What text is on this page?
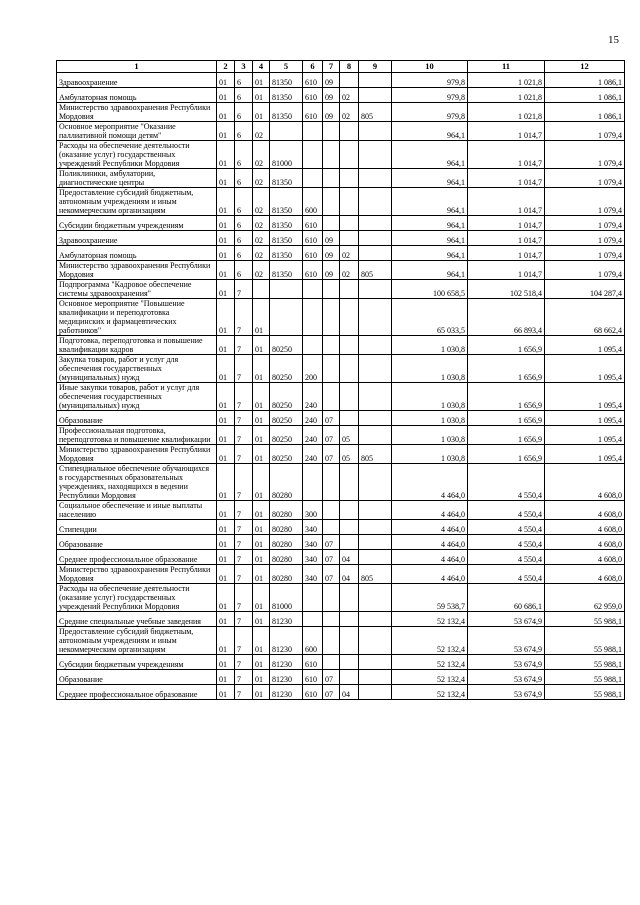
15
1	2	3	4	5	6	7	8	9	10	11	12
Здравоохранение	01	6	01	81350	610	09			979,8	1 021,8	1 086,1
Амбулаторная помощь	01	6	01	81350	610	09	02		979,8	1 021,8	1 086,1
Министерство здравоохранения Республики Мордовия	01	6	01	81350	610	09	02	805	979,8	1 021,8	1 086,1
Основное мероприятие "Оказание паллиативной помощи детям"	01	6	02						964,1	1 014,7	1 079,4
Расходы на обеспечение деятельности (оказание услуг) государственных учреждений Республики Мордовия	01	6	02	81000					964,1	1 014,7	1 079,4
Поликлиники, амбулатории, диагностические центры	01	6	02	81350					964,1	1 014,7	1 079,4
Предоставление субсидий бюджетным, автономным учреждениям и иным некоммерческим организациям	01	6	02	81350	600				964,1	1 014,7	1 079,4
Субсидии бюджетным учреждениям	01	6	02	81350	610				964,1	1 014,7	1 079,4
Здравоохранение	01	6	02	81350	610	09			964,1	1 014,7	1 079,4
Амбулаторная помощь	01	6	02	81350	610	09	02		964,1	1 014,7	1 079,4
Министерство здравоохранения Республики Мордовия	01	6	02	81350	610	09	02	805	964,1	1 014,7	1 079,4
Подпрограмма "Кадровое обеспечение системы здравоохранения"	01	7							100 658,5	102 518,4	104 287,4
Основное мероприятие "Повышение квалификации и переподготовка медицинских и фармацевтических работников"	01	7	01						65 033,5	66 893,4	68 662,4
Подготовка, переподготовка и повышение квалификации кадров	01	7	01	80250					1 030,8	1 656,9	1 095,4
Закупка товаров, работ и услуг для обеспечения государственных (муниципальных) нужд	01	7	01	80250	200				1 030,8	1 656,9	1 095,4
Иные закупки товаров, работ и услуг для обеспечения государственных (муниципальных) нужд	01	7	01	80250	240				1 030,8	1 656,9	1 095,4
Образование	01	7	01	80250	240	07			1 030,8	1 656,9	1 095,4
Профессиональная подготовка, переподготовка и повышение квалификации	01	7	01	80250	240	07	05		1 030,8	1 656,9	1 095,4
Министерство здравоохранения Республики Мордовия	01	7	01	80250	240	07	05	805	1 030,8	1 656,9	1 095,4
Стипендиальное обеспечение обучающихся в государственных образовательных учреждениях, находящихся в ведении Республики Мордовия	01	7	01	80280					4 464,0	4 550,4	4 608,0
Социальное обеспечение и иные выплаты населению	01	7	01	80280	300				4 464,0	4 550,4	4 608,0
Стипендии	01	7	01	80280	340				4 464,0	4 550,4	4 608,0
Образование	01	7	01	80280	340	07			4 464,0	4 550,4	4 608,0
Среднее профессиональное образование	01	7	01	80280	340	07	04		4 464,0	4 550,4	4 608,0
Министерство здравоохранения Республики Мордовия	01	7	01	80280	340	07	04	805	4 464,0	4 550,4	4 608,0
Расходы на обеспечение деятельности (оказание услуг) государственных учреждений Республики Мордовия	01	7	01	81000					59 538,7	60 686,1	62 959,0
Средние специальные учебные заведения	01	7	01	81230					52 132,4	53 674,9	55 988,1
Предоставление субсидий бюджетным, автономным учреждениям и иным некоммерческим организациям	01	7	01	81230	600				52 132,4	53 674,9	55 988,1
Субсидии бюджетным учреждениям	01	7	01	81230	610				52 132,4	53 674,9	55 988,1
Образование	01	7	01	81230	610	07			52 132,4	53 674,9	55 988,1
Среднее профессиональное образование	01	7	01	81230	610	07	04		52 132,4	53 674,9	55 988,1
